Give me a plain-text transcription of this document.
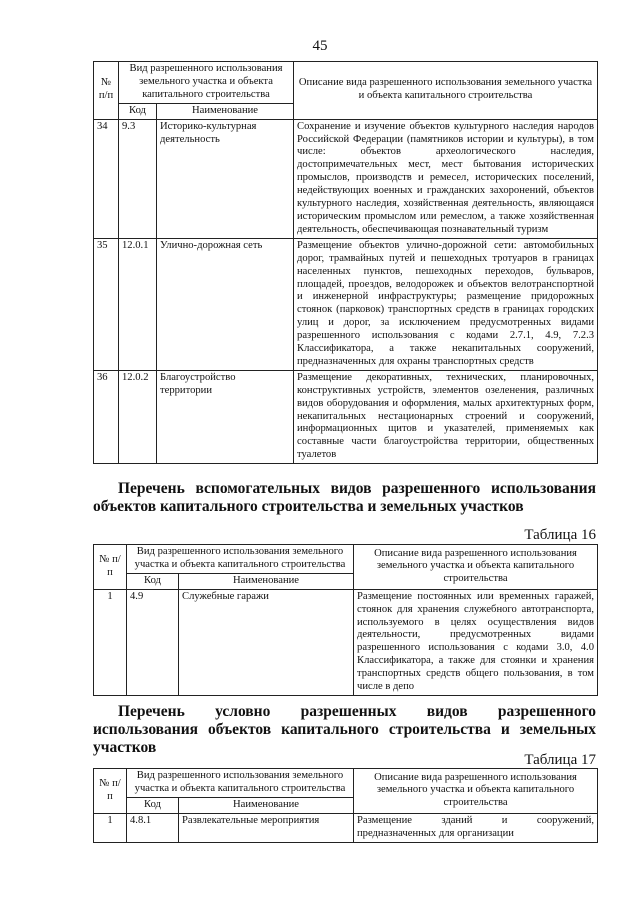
45
№ п/п	Вид разрешенного использования земельного участка и объекта капитального строительства		Описание вида разрешенного использования земельного участка и объекта капитального строительства
	Код	Наименование	
34	9.3	Историко-культурная деятельность	Сохранение и изучение объектов культурного наследия народов Российской Федерации (памятников истории и культуры), в том числе: объектов археологического наследия, достопримечательных мест, мест бытования исторических промыслов, производств и ремесел, исторических поселений, недействующих военных и гражданских захоронений, объектов культурного наследия, хозяйственная деятельность, являющаяся историческим промыслом или ремеслом, а также хозяйственная деятельность, обеспечивающая познавательный туризм
35	12.0.1	Улично-дорожная сеть	Размещение объектов улично-дорожной сети: автомобильных дорог, трамвайных путей и пешеходных тротуаров в границах населенных пунктов, пешеходных переходов, бульваров, площадей, проездов, велодорожек и объектов велотранспортной и инженерной инфраструктуры; размещение придорожных стоянок (парковок) транспортных средств в границах городских улиц и дорог, за исключением предусмотренных видами разрешенного использования с кодами 2.7.1, 4.9, 7.2.3 Классификатора, а также некапитальных сооружений, предназначенных для охраны транспортных средств
36	12.0.2	Благоустройство территории	Размещение декоративных, технических, планировочных, конструктивных устройств, элементов озеленения, различных видов оборудования и оформления, малых архитектурных форм, некапитальных нестационарных строений и сооружений, информационных щитов и указателей, применяемых как составные части благоустройства территории, общественных туалетов
Перечень вспомогательных видов разрешенного использования
объектов капитального строительства и земельных участков
Таблица 16
№ п/п	Вид разрешенного использования земельного участка и объекта капитального строительства		Описание вида разрешенного использования земельного участка и объекта капитального строительства
	Код	Наименование	
1	4.9	Служебные гаражи	Размещение постоянных или временных гаражей, стоянок для хранения служебного автотранспорта, используемого в целях осуществления видов деятельности, предусмотренных видами разрешенного использования с кодами 3.0, 4.0 Классификатора, а также для стоянки и хранения транспортных средств общего пользования, в том числе в депо
Перечень условно разрешенных видов разрешенного
использования объектов капитального строительства и земельных
участков
Таблица 17
№ п/п	Вид разрешенного использования земельного участка и объекта капитального строительства		Описание вида разрешенного использования земельного участка и объекта капитального строительства
	Код	Наименование	
1	4.8.1	Развлекательные мероприятия	Размещение зданий и сооружений, предназначенных для организации
